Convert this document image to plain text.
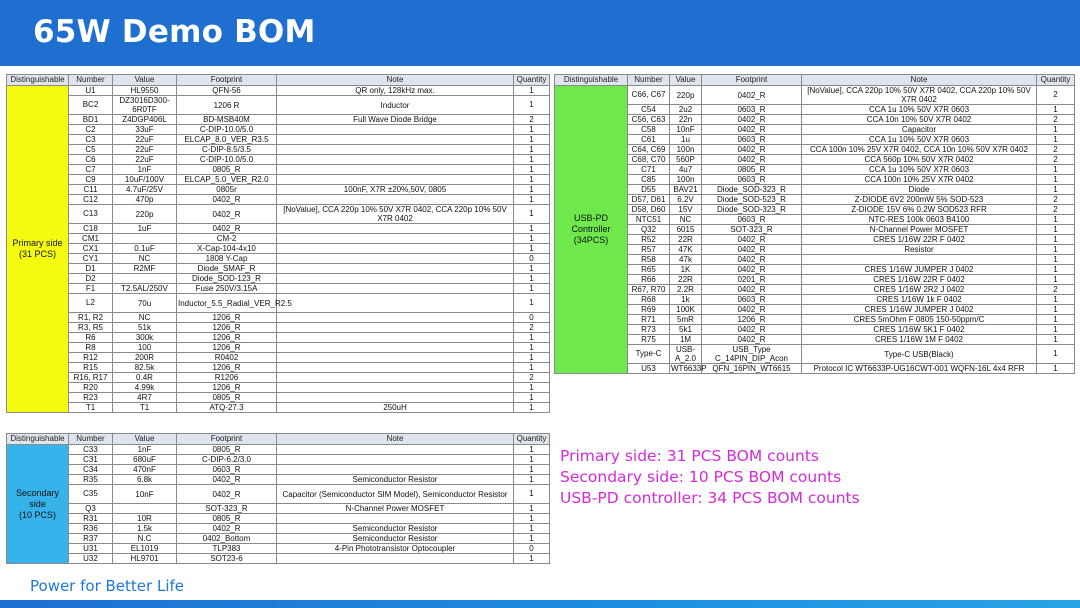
65W Demo BOM
Distinguishable	Number	Value	Footprint	Note	Quantity
Primary side
(31 PCS)	U1	HL9550	QFN-56	QR only, 128kHz max.	1
	BC2	DZ3016D300-6R0TF	1206 R	Inductor	1
	BD1	Z4DGP406L	BD-MSB40M	Full Wave Diode Bridge	2
	C2	33uF	C-DIP-10.0/5.0		1
	C3	22uF	ELCAP_8.0_VER_R3.5		1
	C5	22uF	C-DIP-8.5/3.5		1
	C6	22uF	C-DIP-10.0/5.0		1
	C7	1nF	0805_R		1
	C9	10uF/100V	ELCAP_5.0_VER_R2.0		1
	C11	4.7uF/25V	0805r	100nF, X7R ±20%,50V, 0805	1
	C12	470p	0402_R		1
	C13	220p	0402_R	[NoValue], CCA 220p 10% 50V X7R 0402, CCA 220p 10% 50V X7R 0402	1
	C18	1uF	0402_R		1
	CM1		CM-2		1
	CX1	0.1uF	X-Cap-104-4x10		1
	CY1	NC	1808 Y-Cap		0
	D1	R2MF	Diode_SMAF_R		1
	D2		Diode_SOD-123_R		1
	F1	T2.5AL/250V	Fuse 250V/3.15A		1
	L2	70u	Inductor_5.5_Radial_VER_R2.5		1
	R1, R2	NC	1206_R		0
	R3, R5	51k	1206_R		2
	R6	300k	1206_R		1
	R8	100	1206_R		1
	R12	200R	R0402		1
	R15	82.5k	1206_R		1
	R16, R17	0.4R	R1206		2
	R20	4.99k	1206_R		1
	R23	4R7	0805_R		1
	T1	T1	ATQ-27.3	250uH	1
Distinguishable	Number	Value	Footprint	Note	Quantity
Secondary side
(10 PCS)	C33	1nF	0805_R		1
	C31	680uF	C-DIP-6.2/3.0		1
	C34	470nF	0603_R		1
	R35	6.8k	0402_R	Semiconductor Resistor	1
	C35	10nF	0402_R	Capacitor (Semiconductor SIM Model), Semiconductor Resistor	1
	Q3		SOT-323_R	N-Channel Power MOSFET	1
	R31	10R	0805_R		1
	R36	1.5k	0402_R	Semiconductor Resistor	1
	R37	N.C	0402_Bottom	Semiconductor Resistor	1
	U31	EL1019	TLP383	4-Pin Phototransistor Optocoupler	0
	U32	HL9701	SOT23-6		1
Distinguishable	Number	Value	Footprint	Note	Quantity
USB-PD
Controller
(34PCS)	C66, C67	220p	0402_R	[NoValue], CCA 220p 10% 50V X7R 0402, CCA 220p 10% 50V X7R 0402	2
	C54	2u2	0603_R	CCA 1u 10% 50V X7R 0603	1
	C56, C63	22n	0402_R	CCA 10n 10% 50V X7R 0402	2
	C58	10nF	0402_R	Capacitor	1
	C61	1u	0603_R	CCA 1u 10% 50V X7R 0603	1
	C64, C69	100n	0402_R	CCA 100n 10% 25V X7R 0402, CCA 10n 10% 50V X7R 0402	2
	C68, C70	560P	0402_R	CCA 560p 10% 50V X7R 0402	2
	C71	4u7	0805_R	CCA 1u 10% 50V X7R 0603	1
	C85	100n	0603_R	CCA 100n 10% 25V X7R 0402	1
	D55	BAV21	Diode_SOD-323_R	Diode	1
	D57, D61	6.2V	Diode_SOD-523_R	Z-DIODE 6V2 200mW 5% SOD-523	2
	D58, D60	15V	Diode_SOD-323_R	Z-DIODE 15V 6% 0.2W SOD523 RFR	2
	NTC51	NC	0603_R	NTC-RES 100k 0603 B4100	1
	Q32	6015	SOT-323_R	N-Channel Power MOSFET	1
	R52	22R	0402_R	CRES 1/16W 22R F 0402	1
	R57	47K	0402_R	Resistor	1
	R58	47k	0402_R		1
	R65	1K	0402_R	CRES 1/16W JUMPER J 0402	1
	R66	22R	0201_R	CRES 1/16W 22R F 0402	1
	R67, R70	2.2R	0402_R	CRES 1/16W 2R2 J 0402	2
	R68	1k	0603_R	CRES 1/16W 1k F 0402	1
	R69	100K	0402_R	CRES 1/16W JUMPER J 0402	1
	R71	5mR	1206_R	CRES 5mOhm F 0805 150-50ppm/C	1
	R73	5k1	0402_R	CRES 1/16W 5K1 F 0402	1
	R75	1M	0402_R	CRES 1/16W 1M F 0402	1
	Type-C	USB-A_2.0	USB_Type C_14PIN_DIP_Acon	Type-C USB(Black)	1
	U53	WT6633P	QFN_16PIN_WT6615	Protocol IC WT6633P-UG16CWT-001 WQFN-16L 4x4 RFR	1
Primary side: 31 PCS BOM counts
Secondary side: 10 PCS BOM counts
USB-PD controller: 34 PCS BOM counts
Power for Better Life
